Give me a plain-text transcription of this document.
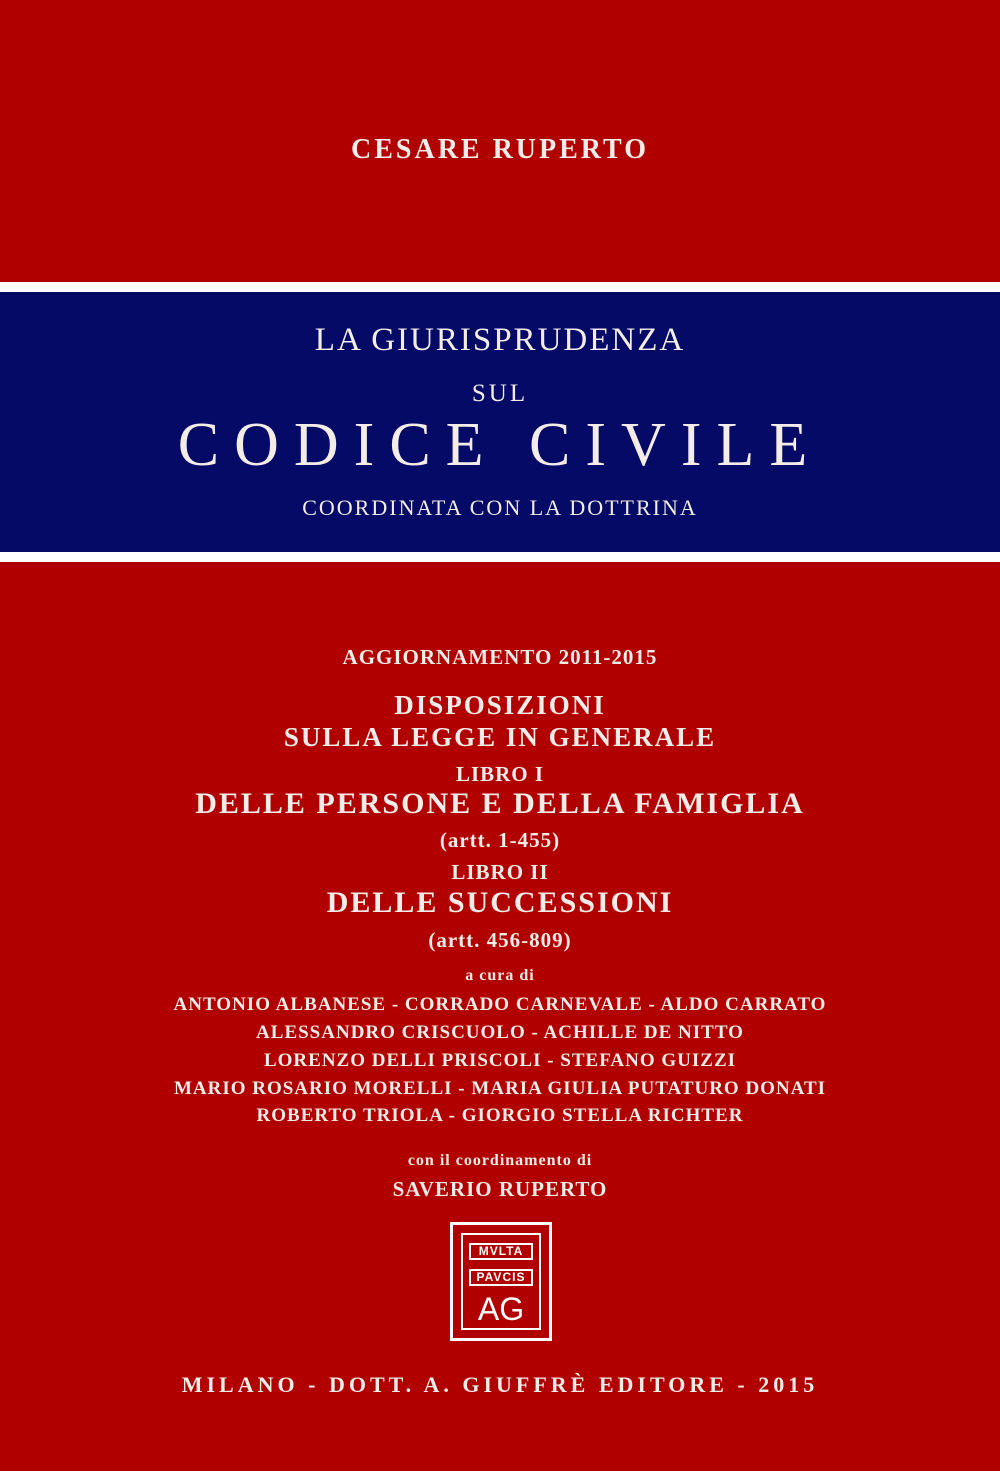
CESARE RUPERTO
LA GIURISPRUDENZA
SUL
CODICE CIVILE
COORDINATA CON LA DOTTRINA
AGGIORNAMENTO 2011-2015
DISPOSIZIONI
SULLA LEGGE IN GENERALE
LIBRO I
DELLE PERSONE E DELLA FAMIGLIA
(artt. 1-455)
LIBRO II
DELLE SUCCESSIONI
(artt. 456-809)
a cura di
ANTONIO ALBANESE - CORRADO CARNEVALE - ALDO CARRATO
ALESSANDRO CRISCUOLO - ACHILLE DE NITTO
LORENZO DELLI PRISCOLI - STEFANO GUIZZI
MARIO ROSARIO MORELLI - MARIA GIULIA PUTATURO DONATI
ROBERTO TRIOLA - GIORGIO STELLA RICHTER
con il coordinamento di
SAVERIO RUPERTO
MVLTA
PAVCIS
AG
MILANO - DOTT. A. GIUFFRÈ EDITORE - 2015
